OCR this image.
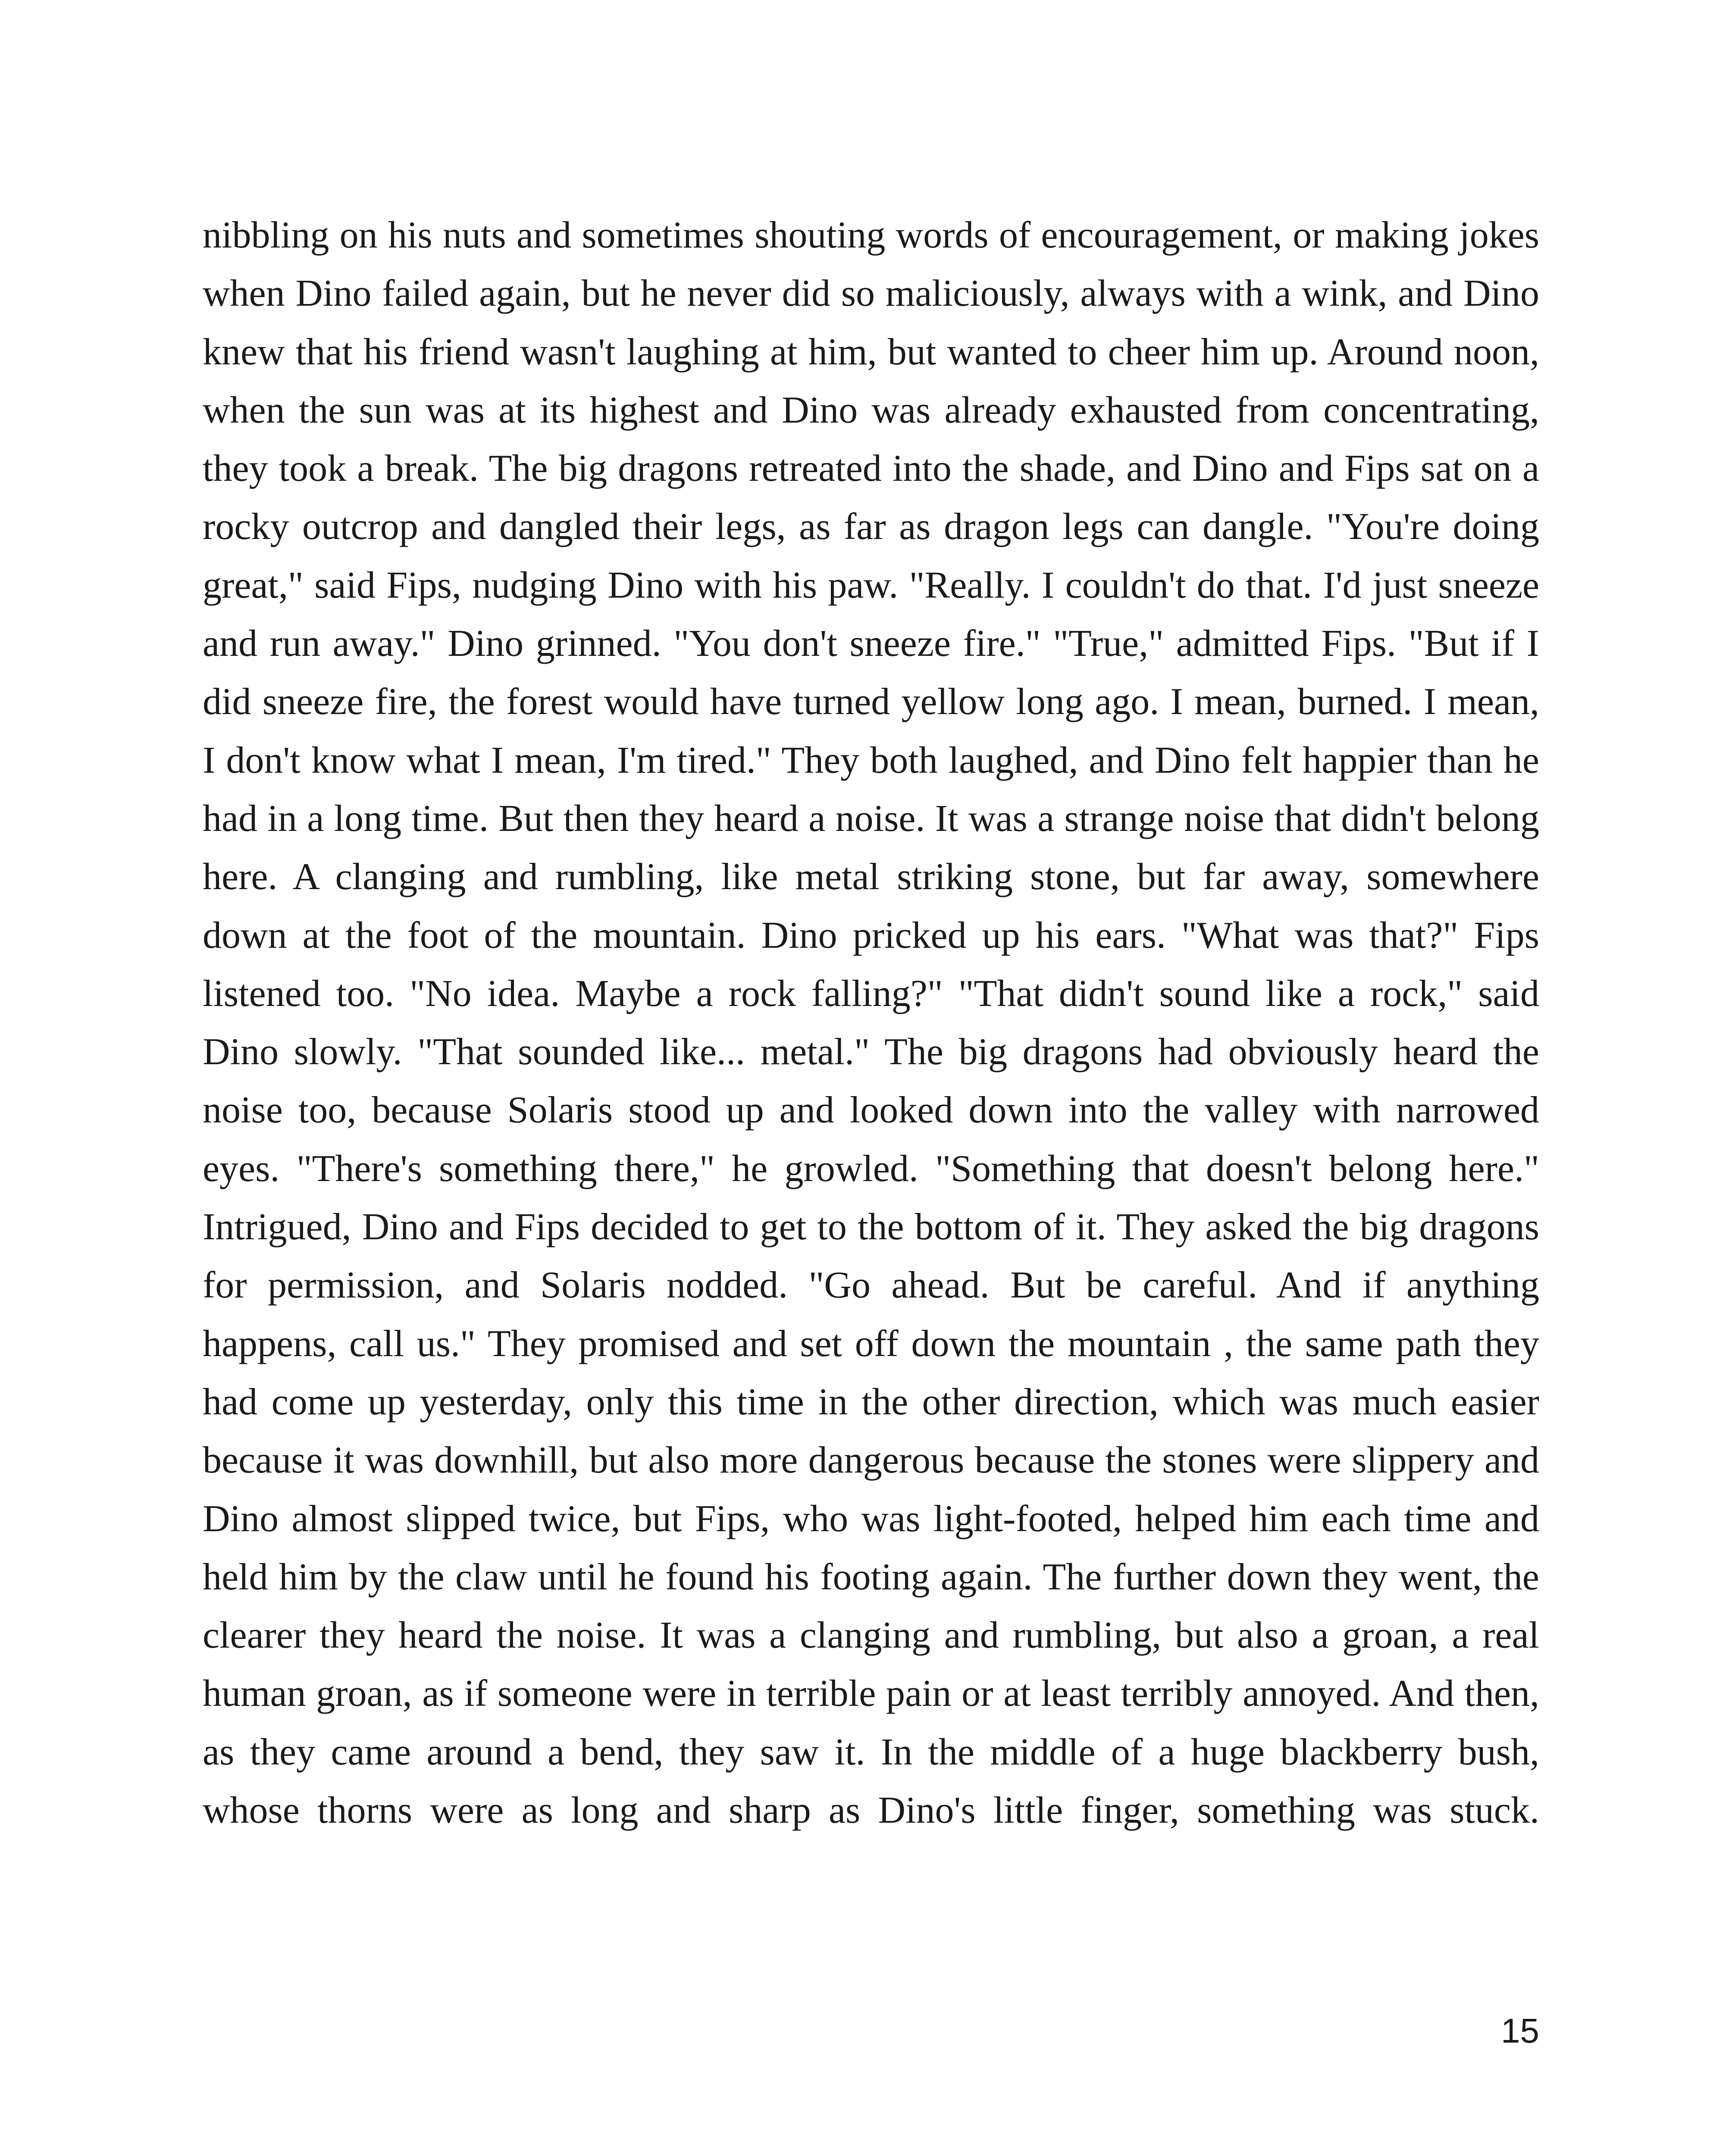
nibbling on his nuts and sometimes shouting words of encouragement, or making jokes when Dino failed again, but he never did so maliciously, always with a wink, and Dino knew that his friend wasn't laughing at him, but wanted to cheer him up. Around noon, when the sun was at its highest and Dino was already exhausted from concentrating, they took a break. The big dragons retreated into the shade, and Dino and Fips sat on a rocky outcrop and dangled their legs, as far as dragon legs can dangle. "You're doing great," said Fips, nudging Dino with his paw. "Really. I couldn't do that. I'd just sneeze and run away." Dino grinned. "You don't sneeze fire." "True," admitted Fips. "But if I did sneeze fire, the forest would have turned yellow long ago. I mean, burned. I mean, I don't know what I mean, I'm tired." They both laughed, and Dino felt happier than he had in a long time. But then they heard a noise. It was a strange noise that didn't belong here. A clanging and rumbling, like metal striking stone, but far away, somewhere down at the foot of the mountain. Dino pricked up his ears. "What was that?" Fips listened too. "No idea. Maybe a rock falling?" "That didn't sound like a rock," said Dino slowly. "That sounded like... metal." The big dragons had obviously heard the noise too, because Solaris stood up and looked down into the valley with narrowed eyes. "There's something there," he growled. "Something that doesn't belong here." Intrigued, Dino and Fips decided to get to the bottom of it. They asked the big dragons for permission, and Solaris nodded. "Go ahead. But be careful. And if anything happens, call us." They promised and set off down the mountain , the same path they had come up yesterday, only this time in the other direction, which was much easier because it was downhill, but also more dangerous because the stones were slippery and Dino almost slipped twice, but Fips, who was light-footed, helped him each time and held him by the claw until he found his footing again. The further down they went, the clearer they heard the noise. It was a clanging and rumbling, but also a groan, a real human groan, as if someone were in terrible pain or at least terribly annoyed. And then, as they came around a bend, they saw it. In the middle of a huge blackberry bush, whose thorns were as long and sharp as Dino's little finger, something was stuck.

15
